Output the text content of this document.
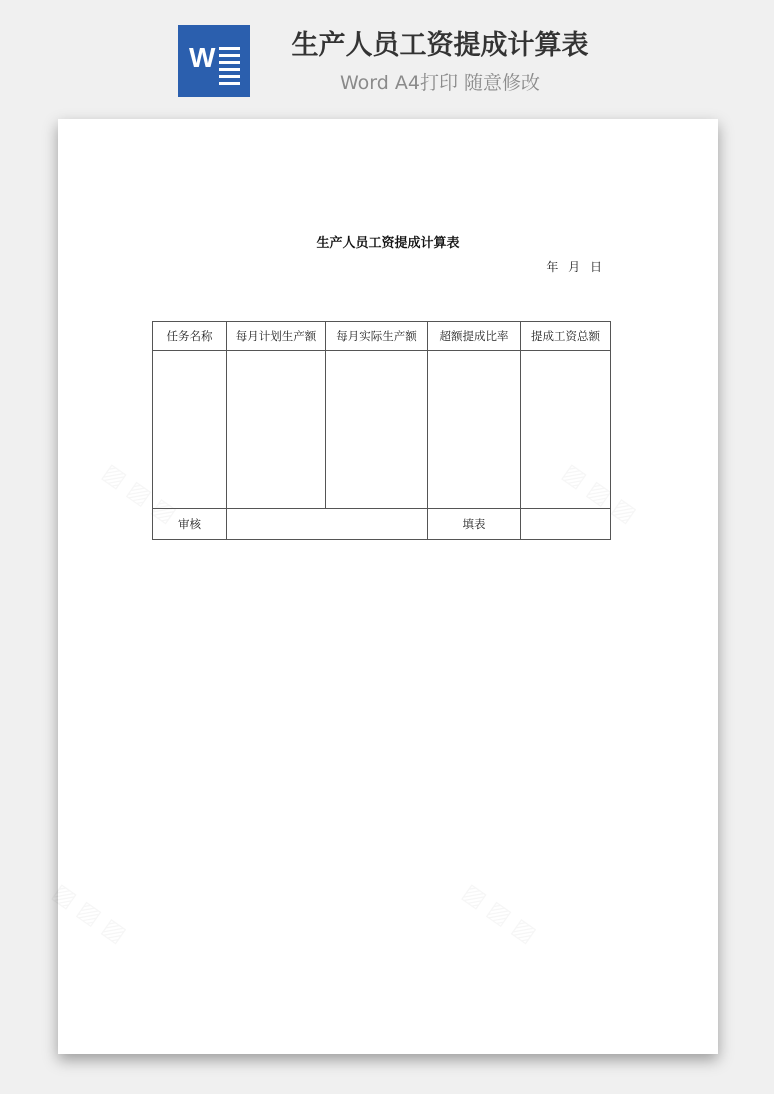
W	生产人员工资提成计算表
Word A4打印 随意修改
生产人员工资提成计算表
年 月 日
任务名称	每月计划生产额	每月实际生产额	超额提成比率	提成工资总额

审核			填表	
